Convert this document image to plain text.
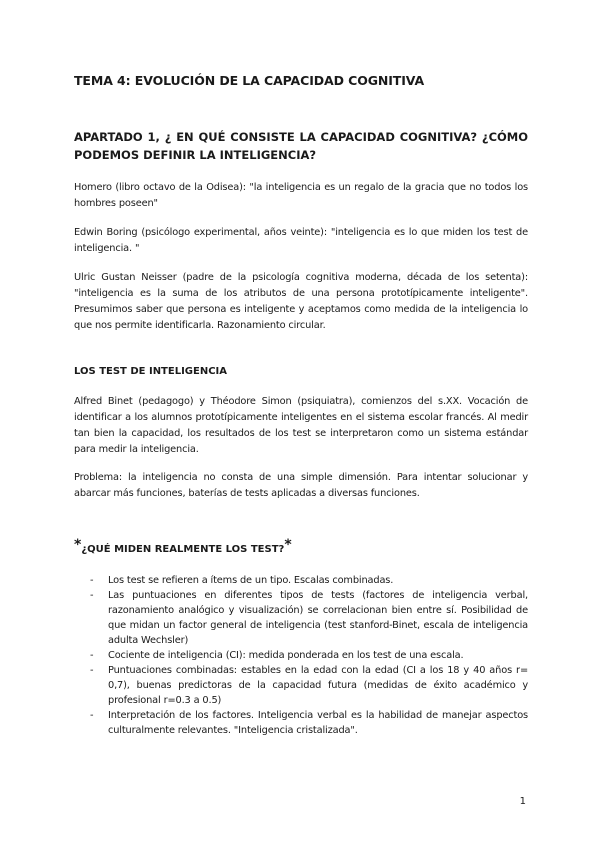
TEMA 4: EVOLUCIÓN DE LA CAPACIDAD COGNITIVA
APARTADO 1, ¿ EN QUÉ CONSISTE LA CAPACIDAD COGNITIVA? ¿CÓMO PODEMOS DEFINIR LA INTELIGENCIA?

Homero (libro octavo de la Odisea): "la inteligencia es un regalo de la gracia que no todos los hombres poseen"

Edwin Boring (psicólogo experimental, años veinte): "inteligencia es lo que miden los test de inteligencia. "

Ulric Gustan Neisser (padre de la psicología cognitiva moderna, década de los setenta): "inteligencia es la suma de los atributos de una persona prototípicamente inteligente". Presumimos saber que persona es inteligente y aceptamos como medida de la inteligencia lo que nos permite identificarla. Razonamiento circular.

LOS TEST DE INTELIGENCIA

Alfred Binet (pedagogo) y Théodore Simon (psiquiatra), comienzos del s.XX. Vocación de identificar a los alumnos prototípicamente inteligentes en el sistema escolar francés. Al medir tan bien la capacidad, los resultados de los test se interpretaron como un sistema estándar para medir la inteligencia.

Problema: la inteligencia no consta de una simple dimensión. Para intentar solucionar y abarcar más funciones, baterías de tests aplicadas a diversas funciones.

*¿QUÉ MIDEN REALMENTE LOS TEST?*
- Los test se refieren a ítems de un tipo. Escalas combinadas.
- Las puntuaciones en diferentes tipos de tests (factores de inteligencia verbal, razonamiento analógico y visualización) se correlacionan bien entre sí. Posibilidad de que midan un factor general de inteligencia (test stanford-Binet, escala de inteligencia adulta Wechsler)
- Cociente de inteligencia (CI): medida ponderada en los test de una escala.
- Puntuaciones combinadas: estables en la edad con la edad (CI a los 18 y 40 años r= 0,7), buenas predictoras de la capacidad futura (medidas de éxito académico y profesional r=0.3 a 0.5)
- Interpretación de los factores. Inteligencia verbal es la habilidad de manejar aspectos culturalmente relevantes. "Inteligencia cristalizada".
1
